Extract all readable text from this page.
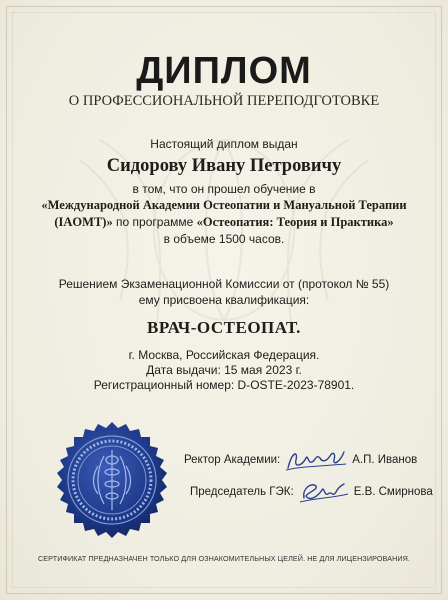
ДИПЛОМ
О ПРОФЕССИОНАЛЬНОЙ ПЕРЕПОДГОТОВКЕ
Настоящий диплом выдан
Сидорову Ивану Петровичу
в том, что он прошел обучение в
«Международной Академии Остеопатии и Мануальной Терапии
(IAOMT)» по программе «Остеопатия: Теория и Практика»
в объеме 1500 часов.
Решением Экзаменационной Комиссии от (протокол № 55)
ему присвоена квалификация:
ВРАЧ-ОСТЕОПАТ.
г. Москва, Российская Федерация.
Дата выдачи: 15 мая 2023 г.
Регистрационный номер: D-OSTE-2023-78901.
Ректор Академии:	А.П. Иванов
Председатель ГЭК:	Е.В. Смирнова
СЕРТИФИКАТ ПРЕДНАЗНАЧЕН ТОЛЬКО ДЛЯ ОЗНАКОМИТЕЛЬНЫХ ЦЕЛЕЙ. НЕ ДЛЯ ЛИЦЕНЗИРОВАНИЯ.
